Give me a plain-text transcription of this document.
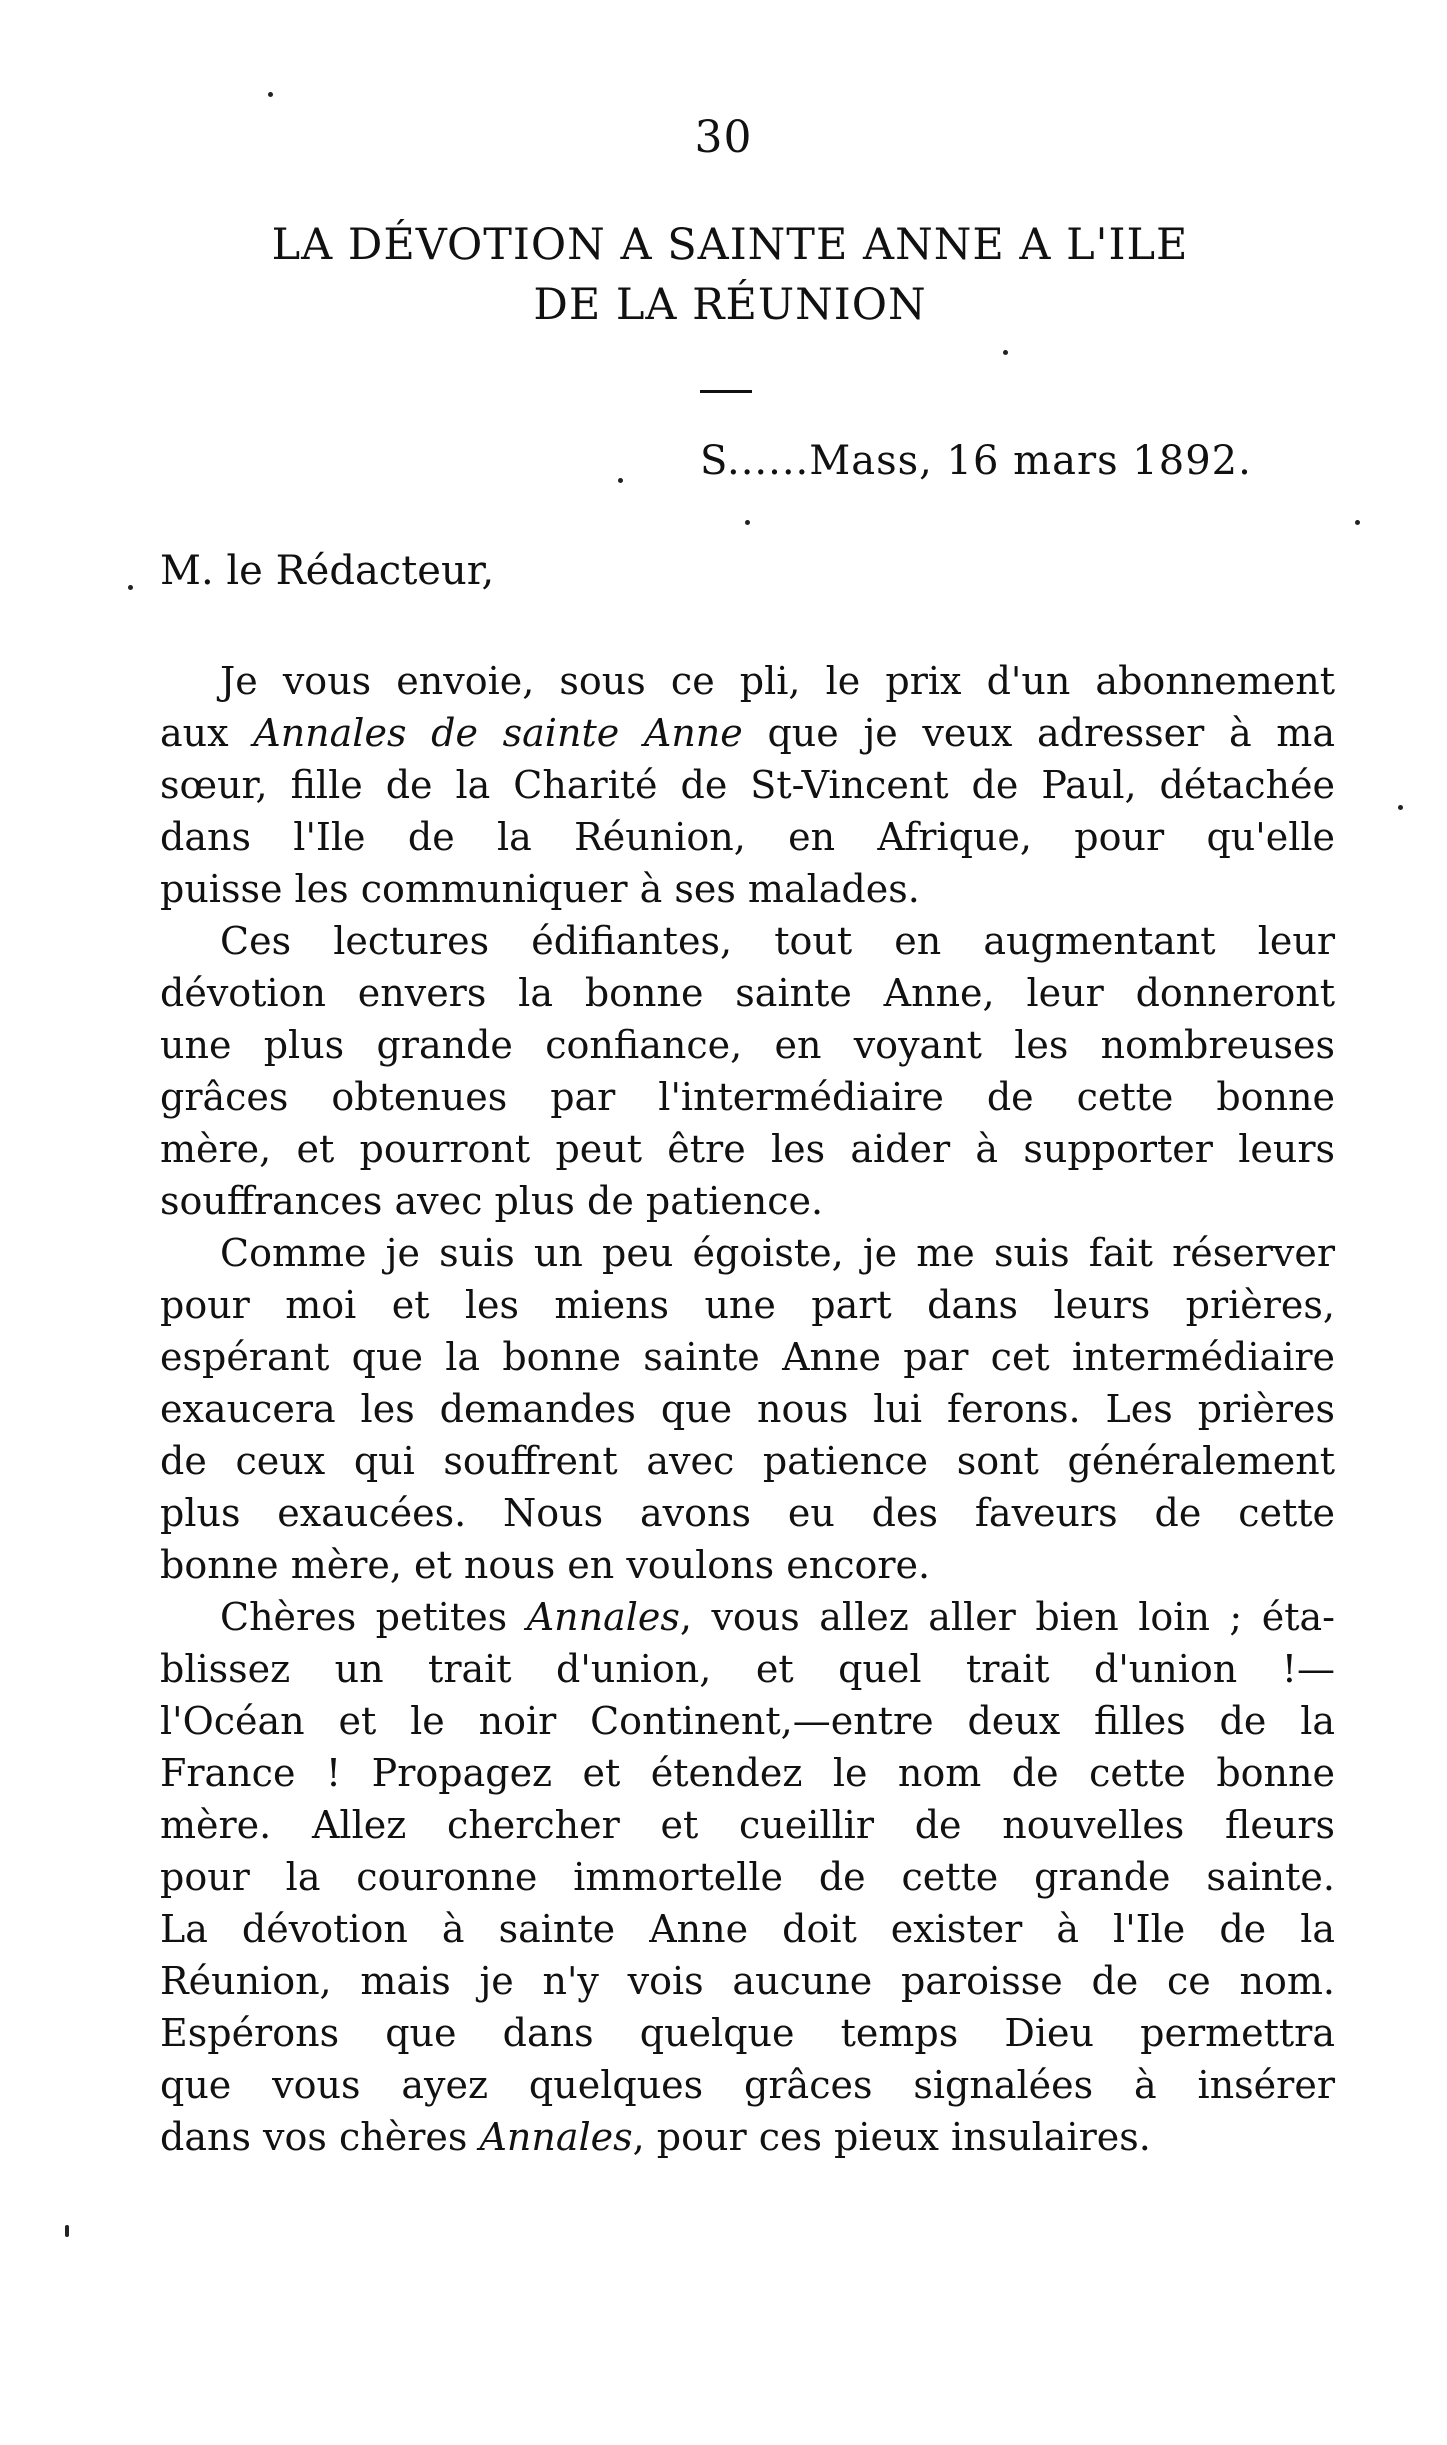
30
LA DÉVOTION A SAINTE ANNE A L'ILE
DE LA RÉUNION
S......Mass, 16 mars 1892.
M. le Rédacteur,
Je vous envoie, sous ce pli, le prix d'un abonnement
aux Annales de sainte Anne que je veux adresser à ma
sœur, fille de la Charité de St-Vincent de Paul, détachée
dans l'Ile de la Réunion, en Afrique, pour qu'elle
puisse les communiquer à ses malades.
Ces lectures édifiantes, tout en augmentant leur
dévotion envers la bonne sainte Anne, leur donneront
une plus grande confiance, en voyant les nombreuses
grâces obtenues par l'intermédiaire de cette bonne
mère, et pourront peut être les aider à supporter leurs
souffrances avec plus de patience.
Comme je suis un peu égoiste, je me suis fait réserver
pour moi et les miens une part dans leurs prières,
espérant que la bonne sainte Anne par cet intermédiaire
exaucera les demandes que nous lui ferons. Les prières
de ceux qui souffrent avec patience sont généralement
plus exaucées. Nous avons eu des faveurs de cette
bonne mère, et nous en voulons encore.
Chères petites Annales, vous allez aller bien loin ; éta-
blissez un trait d'union, et quel trait d'union !—
l'Océan et le noir Continent,—entre deux filles de la
France ! Propagez et étendez le nom de cette bonne
mère. Allez chercher et cueillir de nouvelles fleurs
pour la couronne immortelle de cette grande sainte.
La dévotion à sainte Anne doit exister à l'Ile de la
Réunion, mais je n'y vois aucune paroisse de ce nom.
Espérons que dans quelque temps Dieu permettra
que vous ayez quelques grâces signalées à insérer
dans vos chères Annales, pour ces pieux insulaires.
